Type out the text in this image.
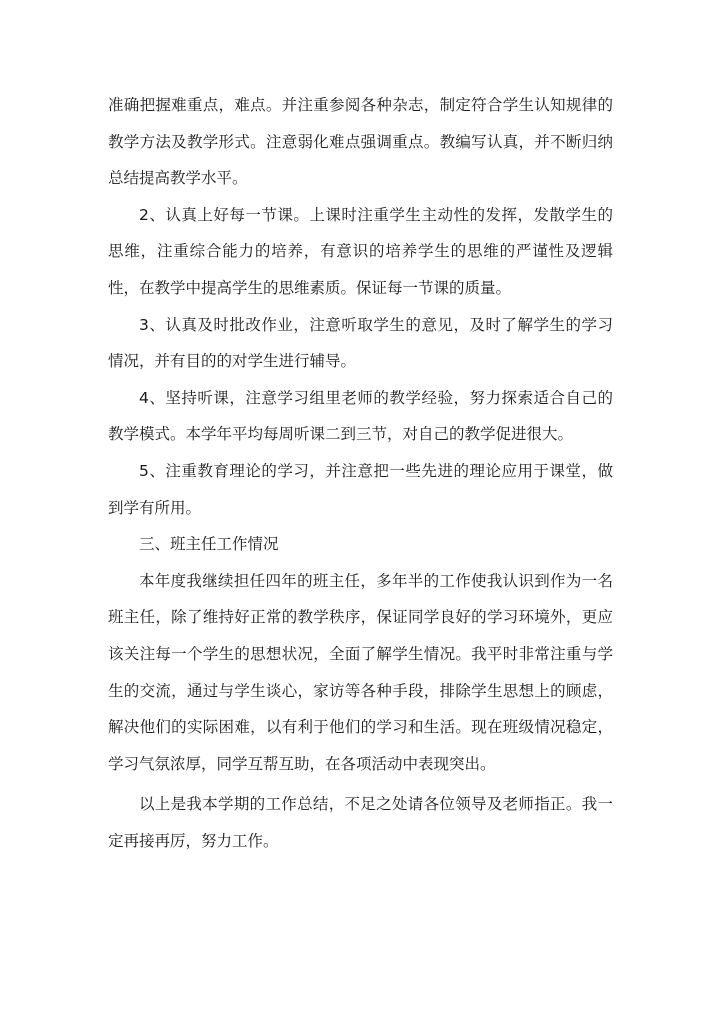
准确把握难重点，难点。并注重参阅各种杂志，制定符合学生认知规律的教学方法及教学形式。注意弱化难点强调重点。教编写认真，并不断归纳总结提高教学水平。

2、认真上好每一节课。上课时注重学生主动性的发挥，发散学生的思维，注重综合能力的培养，有意识的培养学生的思维的严谨性及逻辑性，在教学中提高学生的思维素质。保证每一节课的质量。

3、认真及时批改作业，注意听取学生的意见，及时了解学生的学习情况，并有目的的对学生进行辅导。

4、坚持听课，注意学习组里老师的教学经验，努力探索适合自己的教学模式。本学年平均每周听课二到三节，对自己的教学促进很大。

5、注重教育理论的学习，并注意把一些先进的理论应用于课堂，做到学有所用。

三、班主任工作情况

本年度我继续担任四年的班主任，多年半的工作使我认识到作为一名班主任，除了维持好正常的教学秩序，保证同学良好的学习环境外，更应该关注每一个学生的思想状况，全面了解学生情况。我平时非常注重与学生的交流，通过与学生谈心，家访等各种手段，排除学生思想上的顾虑，解决他们的实际困难，以有利于他们的学习和生活。现在班级情况稳定，学习气氛浓厚，同学互帮互助，在各项活动中表现突出。

以上是我本学期的工作总结，不足之处请各位领导及老师指正。我一定再接再厉，努力工作。
